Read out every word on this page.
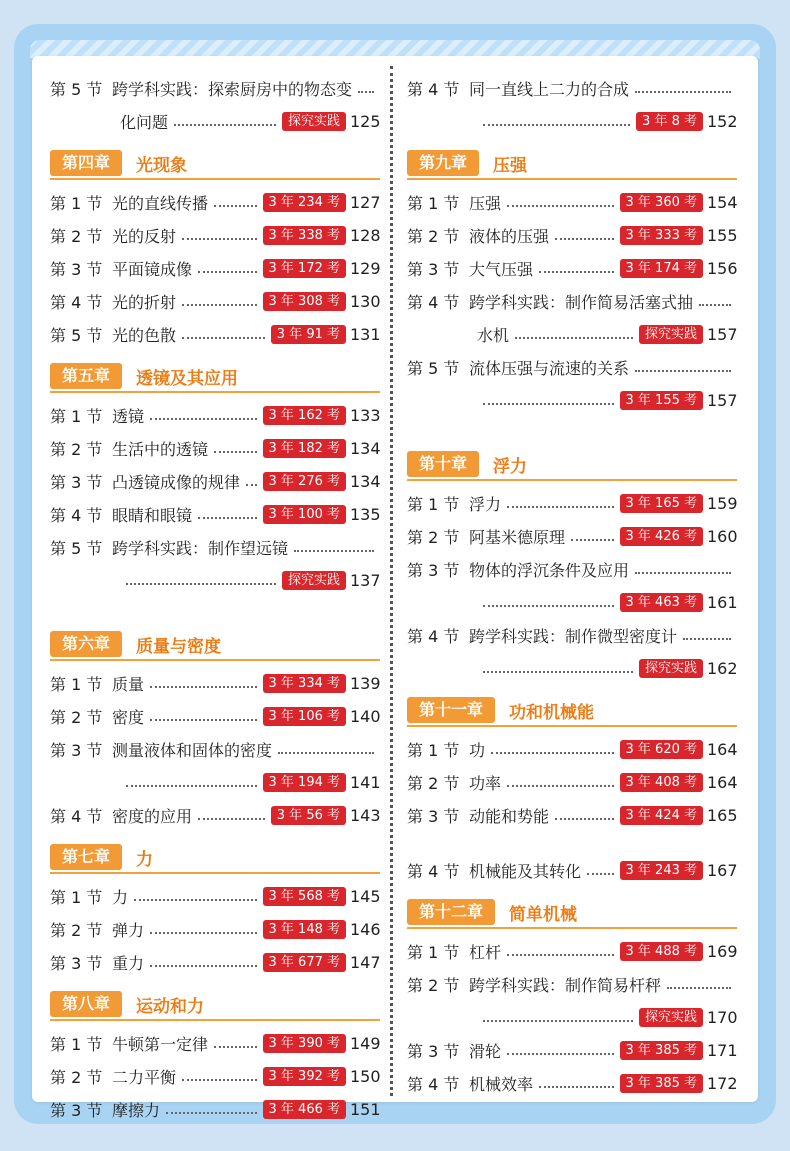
第 5 节 跨学科实践：探索厨房中的物态变
化问题	探究实践 125
第四章	光现象
第 1 节 光的直线传播	3 年 234 考 127
第 2 节 光的反射	3 年 338 考 128
第 3 节 平面镜成像	3 年 172 考 129
第 4 节 光的折射	3 年 308 考 130
第 5 节 光的色散	3 年 91 考 131
第五章	透镜及其应用
第 1 节 透镜	3 年 162 考 133
第 2 节 生活中的透镜	3 年 182 考 134
第 3 节 凸透镜成像的规律	3 年 276 考 134
第 4 节 眼睛和眼镜	3 年 100 考 135
第 5 节 跨学科实践：制作望远镜
探究实践 137
第六章	质量与密度
第 1 节 质量	3 年 334 考 139
第 2 节 密度	3 年 106 考 140
第 3 节 测量液体和固体的密度
3 年 194 考 141
第 4 节 密度的应用	3 年 56 考 143
第七章	力
第 1 节 力	3 年 568 考 145
第 2 节 弹力	3 年 148 考 146
第 3 节 重力	3 年 677 考 147
第八章	运动和力
第 1 节 牛顿第一定律	3 年 390 考 149
第 2 节 二力平衡	3 年 392 考 150
第 3 节 摩擦力	3 年 466 考 151
第 4 节 同一直线上二力的合成
3 年 8 考 152
第九章	压强
第 1 节 压强	3 年 360 考 154
第 2 节 液体的压强	3 年 333 考 155
第 3 节 大气压强	3 年 174 考 156
第 4 节 跨学科实践：制作简易活塞式抽
水机	探究实践 157
第 5 节 流体压强与流速的关系
3 年 155 考 157
第十章	浮力
第 1 节 浮力	3 年 165 考 159
第 2 节 阿基米德原理	3 年 426 考 160
第 3 节 物体的浮沉条件及应用
3 年 463 考 161
第 4 节 跨学科实践：制作微型密度计
探究实践 162
第十一章	功和机械能
第 1 节 功	3 年 620 考 164
第 2 节 功率	3 年 408 考 164
第 3 节 动能和势能	3 年 424 考 165
第 4 节 机械能及其转化	3 年 243 考 167
第十二章	简单机械
第 1 节 杠杆	3 年 488 考 169
第 2 节 跨学科实践：制作简易杆秤
探究实践 170
第 3 节 滑轮	3 年 385 考 171
第 4 节 机械效率	3 年 385 考 172
